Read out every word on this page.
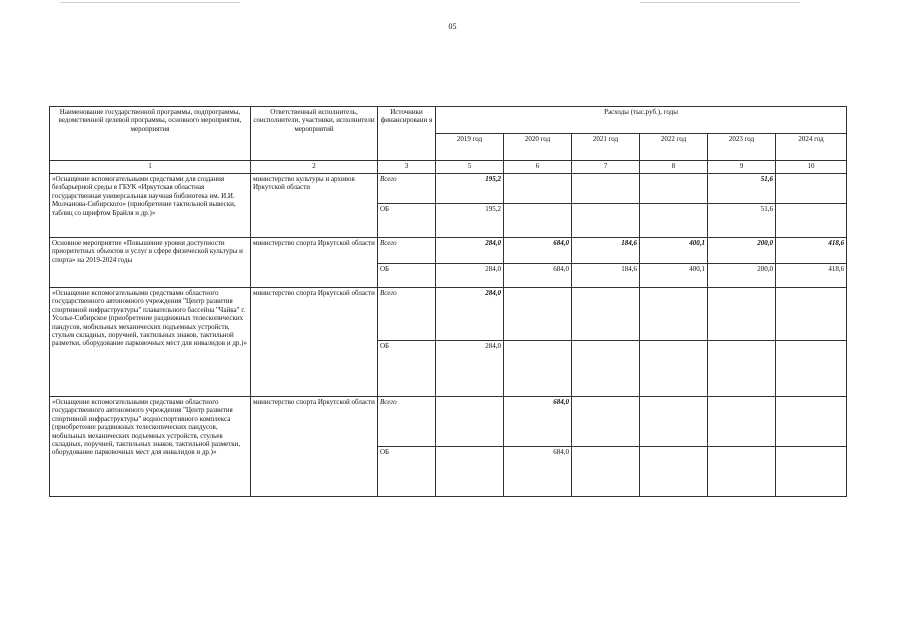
05
Наименование государственной программы, подпрограммы, ведомственной целевой программы, основного мероприятия, мероприятия	Ответственный исполнитель, соисполнители, участники, исполнители мероприятий	Источники финансировани я	Расходы (тыс.руб.), годы					
			2019 год	2020 год	2021 год	2022 год	2023 год	2024 год
1	2	3	5	6	7	8	9	10
«Оснащение вспомогательными средствами для создания безбарьерной среды в ГБУК «Иркутская областная государственная универсальная научная библиотека им. И.И. Молчанова-Сибирского» (приобретение тактильной вывески, таблиц со шрифтом Брайля и др.)»	министерство культуры и архивов Иркутской области	Всего	195,2				51,6	
		ОБ	195,2				51,6	
Основное мероприятие «Повышение уровня доступности приоритетных объектов и услуг в сфере физической культуры и спорта» на 2019-2024 годы	министерство спорта Иркутской области	Всего	284,0	684,0	184,6	400,1	200,0	418,6
		ОБ	284,0	684,0	184,6	400,1	200,0	418,6
«Оснащение вспомогательными средствами областного государственного автономного учреждения "Центр развития спортивной инфраструктуры" плавательного бассейна "Чайка" г. Усолье-Сибирское (приобретение раздвижных телескопических пандусов, мобильных механических подъемных устройств, стульев складных, поручней, тактильных знаков, тактильной разметки, оборудование парковочных мест для инвалидов и др.)»	министерство спорта Иркутской области	Всего	284,0					
		ОБ	284,0					
«Оснащение вспомогательными средствами областного государственного автономного учреждения "Центр развития спортивной инфраструктуры" водноспортивного комплекса (приобретение раздвижных телескопических пандусов, мобильных механических подъемных устройств, стульев складных, поручней, тактильных знаков, тактильной разметки, оборудование парковочных мест для инвалидов и др.)»	министерство спорта Иркутской области	Всего		684,0				
		ОБ		684,0				
